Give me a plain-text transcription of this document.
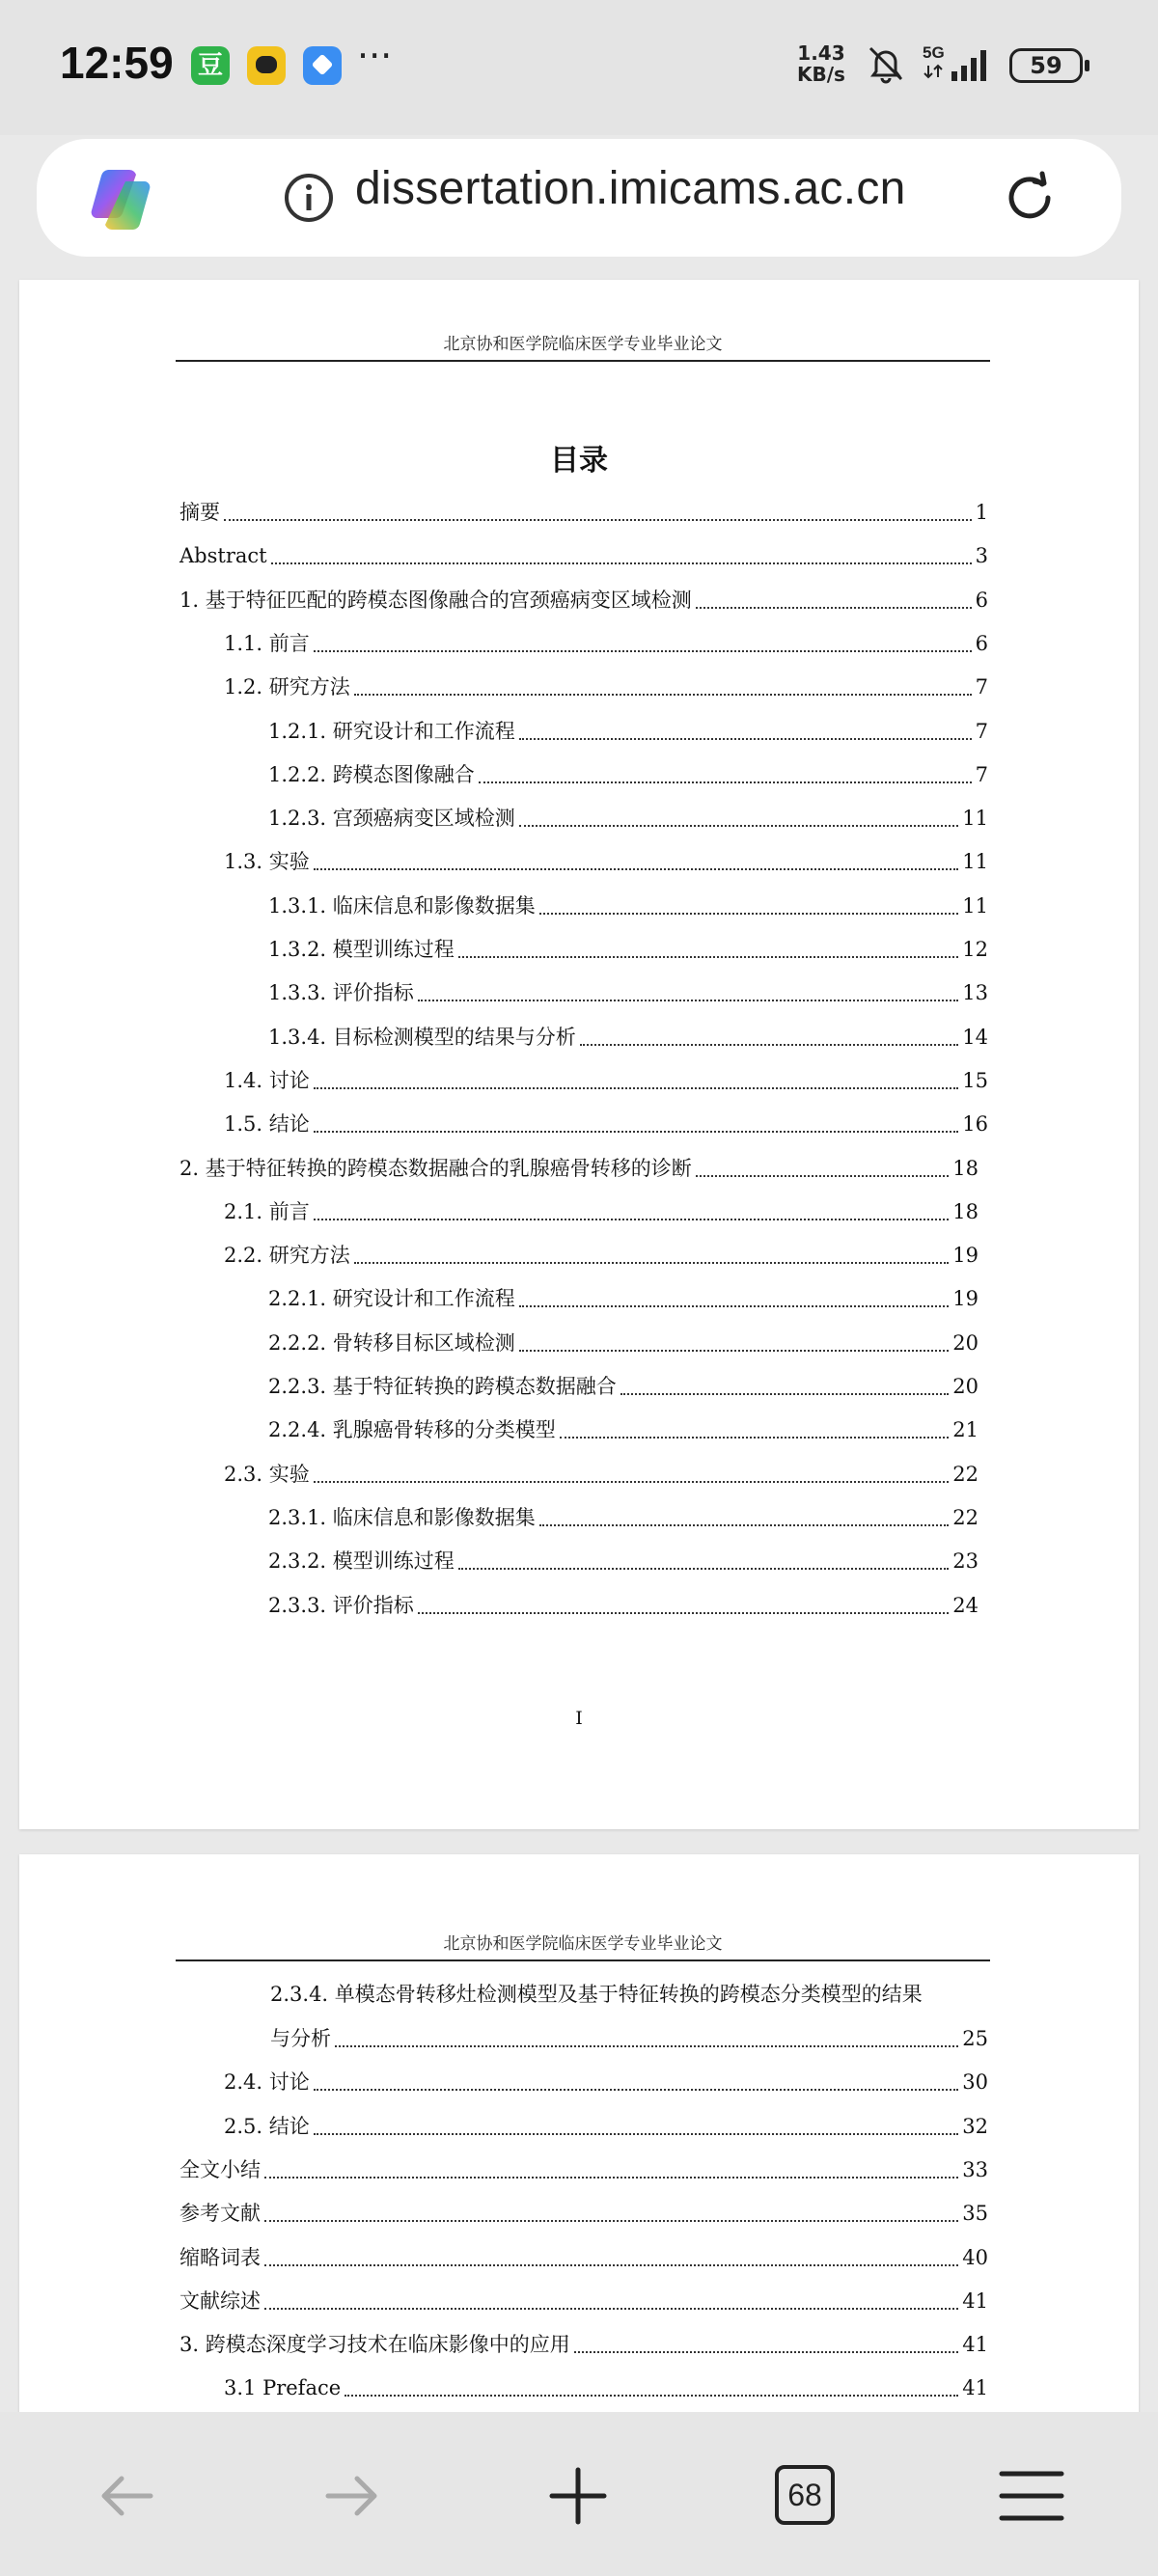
12:59 豆	···	1.43
KB/s
5G	59
dissertation.imicams.ac.cn
北京协和医学院临床医学专业毕业论文
目录
摘要	1
Abstract	3
1. 基于特征匹配的跨模态图像融合的宫颈癌病变区域检测	6
1.1. 前言	6
1.2. 研究方法	7
1.2.1. 研究设计和工作流程	7
1.2.2. 跨模态图像融合	7
1.2.3. 宫颈癌病变区域检测	11
1.3. 实验	11
1.3.1. 临床信息和影像数据集	11
1.3.2. 模型训练过程	12
1.3.3. 评价指标	13
1.3.4. 目标检测模型的结果与分析	14
1.4. 讨论	15
1.5. 结论	16
2. 基于特征转换的跨模态数据融合的乳腺癌骨转移的诊断	18
2.1. 前言	18
2.2. 研究方法	19
2.2.1. 研究设计和工作流程	19
2.2.2. 骨转移目标区域检测	20
2.2.3. 基于特征转换的跨模态数据融合	20
2.2.4. 乳腺癌骨转移的分类模型	21
2.3. 实验	22
2.3.1. 临床信息和影像数据集	22
2.3.2. 模型训练过程	23
2.3.3. 评价指标	24
I
北京协和医学院临床医学专业毕业论文
2.3.4. 单模态骨转移灶检测模型及基于特征转换的跨模态分类模型的结果
与分析	25
2.4. 讨论	30
2.5. 结论	32
全文小结	33
参考文献	35
缩略词表	40
文献综述	41
3. 跨模态深度学习技术在临床影像中的应用	41
3.1 Preface	41
68
